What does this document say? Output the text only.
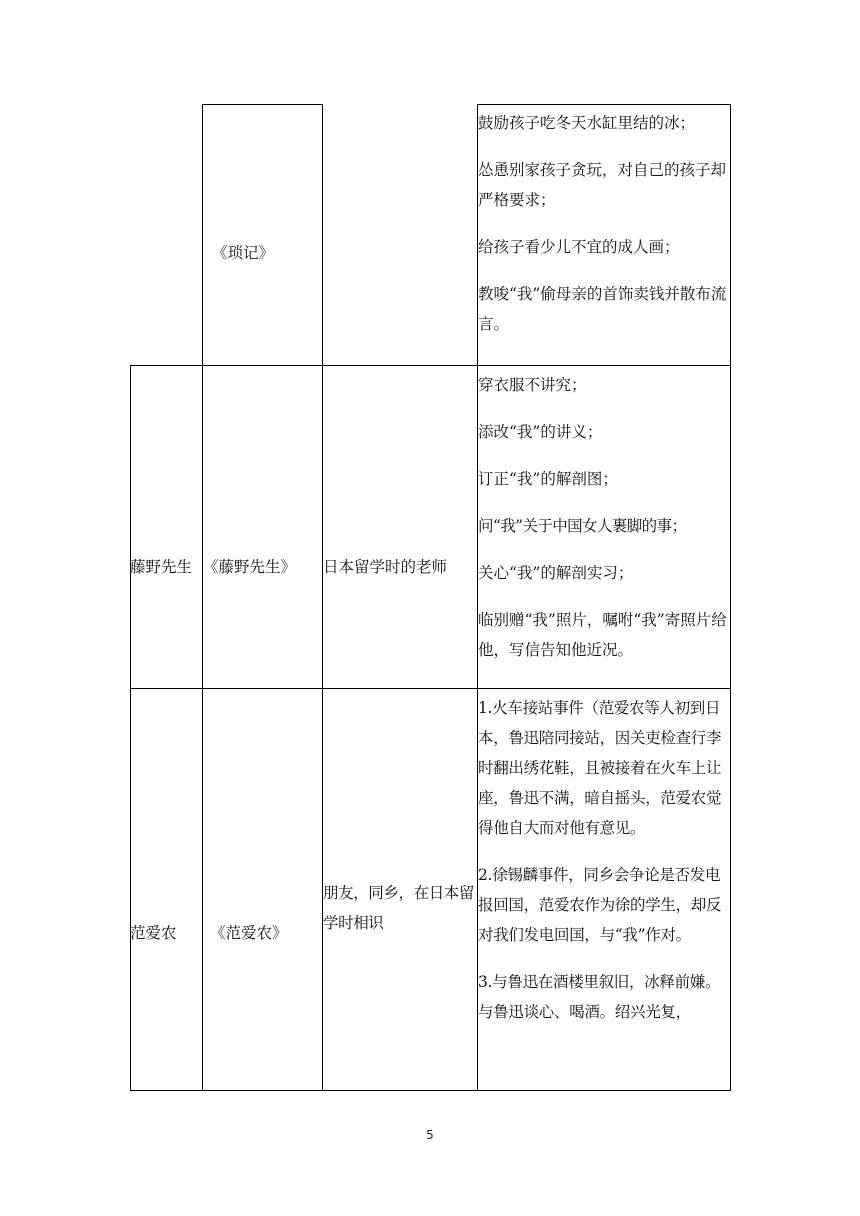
《琐记》

鼓励孩子吃冬天水缸里结的冰；

怂恿别家孩子贪玩，对自己的孩子却严格要求；

给孩子看少儿不宜的成人画；

教唆“我”偷母亲的首饰卖钱并散布流言。

藤野先生 《藤野先生》	日本留学时的老师

穿衣服不讲究；

添改“我”的讲义；

订正“我”的解剖图；

问“我”关于中国女人裹脚的事；

关心“我”的解剖实习；

临别赠“我”照片，嘱咐“我”寄照片给他，写信告知他近况。

范爱农	《范爱农》
朋友，同乡，在日本留学时相识

1.火车接站事件（范爱农等人初到日本，鲁迅陪同接站，因关吏检查行李时翻出绣花鞋，且被接着在火车上让座，鲁迅不满，暗自摇头，范爱农觉得他自大而对他有意见。

2.徐锡麟事件，同乡会争论是否发电报回国，范爱农作为徐的学生，却反对我们发电回国，与“我”作对。

3.与鲁迅在酒楼里叙旧，冰释前嫌。与鲁迅谈心、喝酒。绍兴光复，

5
